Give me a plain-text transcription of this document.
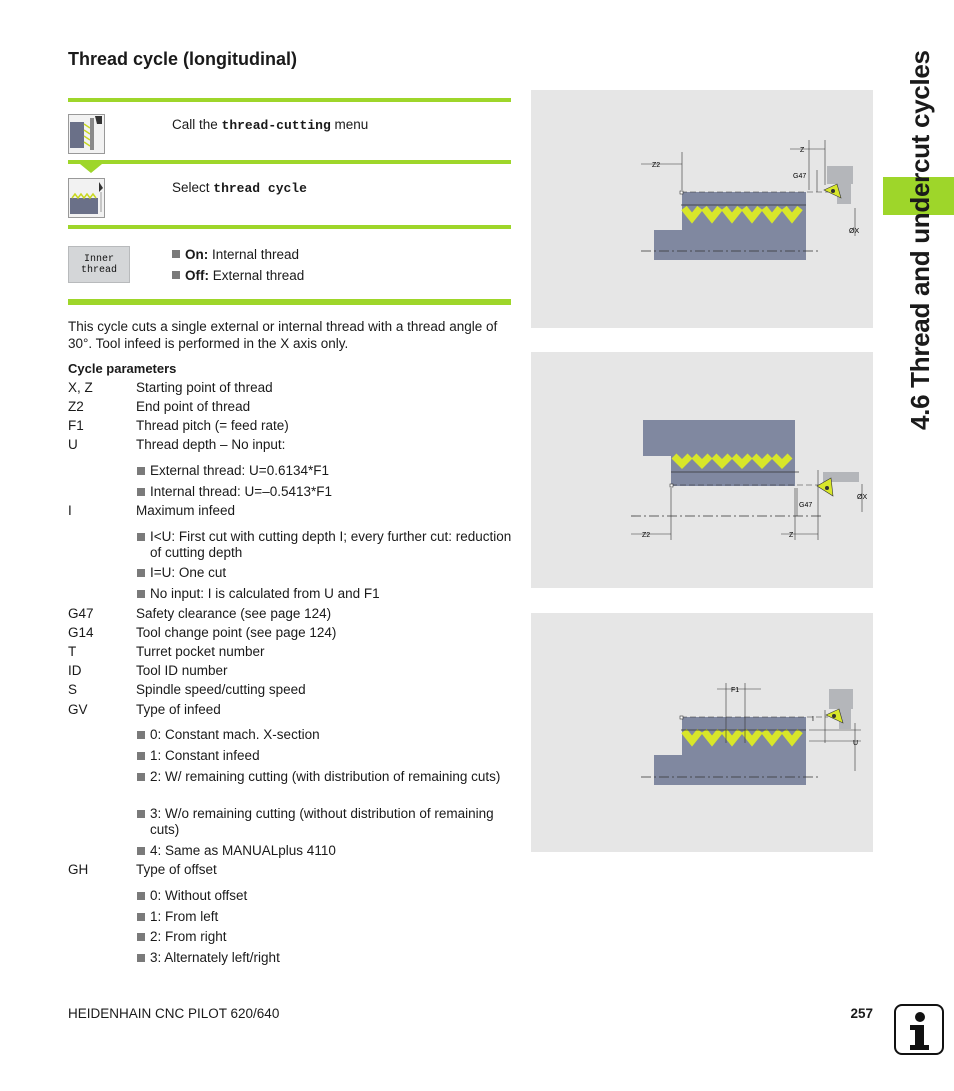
Thread cycle (longitudinal)
Call the thread-cutting menu
Select thread cycle
Inner
thread
On: Internal thread
Off: External thread
This cycle cuts a single external or internal thread with a thread angle of 30°. Tool infeed is performed in the X axis only.
Cycle parameters
X, Z	Starting point of thread
Z2	End point of thread
F1	Thread pitch (= feed rate)
U	Thread depth – No input:
External thread: U=0.6134*F1
Internal thread: U=–0.5413*F1
I	Maximum infeed
I<U: First cut with cutting depth I; every further cut: reduction of cutting depth
I=U: One cut
No input: I is calculated from U and F1
G47	Safety clearance (see page 124)
G14	Tool change point (see page 124)
T	Turret pocket number
ID	Tool ID number
S	Spindle speed/cutting speed
GV	Type of infeed
0: Constant mach. X-section
1: Constant infeed
2: W/ remaining cutting (with distribution of remaining cuts)
3: W/o remaining cutting (without distribution of remaining cuts)
4: Same as MANUALplus 4110
GH	Type of offset
0: Without offset
1: From left
2: From right
3: Alternately left/right
Z2
Z
G47
ØX
Z2	Z
G47
ØX
F1
I
U
4.6 Thread and undercut cycles
HEIDENHAIN CNC PILOT 620/640	257
